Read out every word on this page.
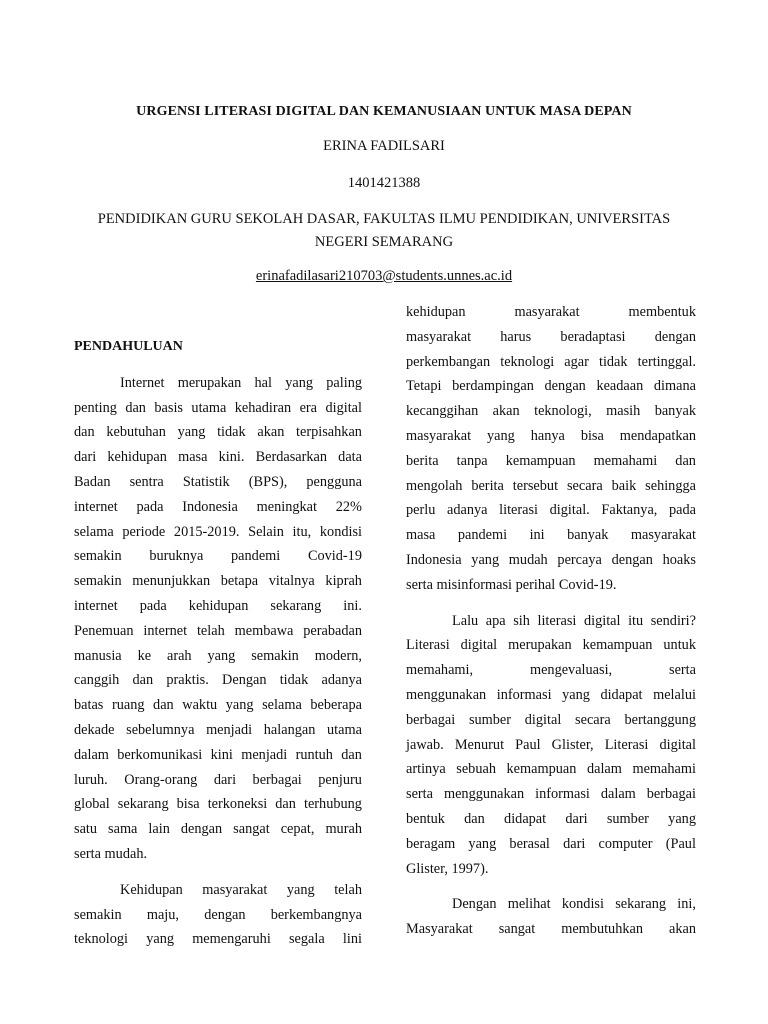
URGENSI LITERASI DIGITAL DAN KEMANUSIAAN UNTUK MASA DEPAN
ERINA FADILSARI
1401421388
PENDIDIKAN GURU SEKOLAH DASAR, FAKULTAS ILMU PENDIDIKAN, UNIVERSITAS
NEGERI SEMARANG
erinafadilasari210703@students.unnes.ac.id
PENDAHULUAN
Internet merupakan hal yang paling
penting dan basis utama kehadiran era digital
dan kebutuhan yang tidak akan terpisahkan
dari kehidupan masa kini. Berdasarkan data
Badan sentra Statistik (BPS), pengguna
internet pada Indonesia meningkat 22%
selama periode 2015-2019. Selain itu, kondisi
semakin buruknya pandemi Covid-19
semakin menunjukkan betapa vitalnya kiprah
internet pada kehidupan sekarang ini.
Penemuan internet telah membawa perabadan
manusia ke arah yang semakin modern,
canggih dan praktis. Dengan tidak adanya
batas ruang dan waktu yang selama beberapa
dekade sebelumnya menjadi halangan utama
dalam berkomunikasi kini menjadi runtuh dan
luruh. Orang-orang dari berbagai penjuru
global sekarang bisa terkoneksi dan terhubung
satu sama lain dengan sangat cepat, murah
serta mudah.
Kehidupan masyarakat yang telah
semakin maju, dengan berkembangnya
teknologi yang memengaruhi segala lini
kehidupan	masyarakat	membentuk
masyarakat harus beradaptasi dengan
perkembangan teknologi agar tidak tertinggal.
Tetapi berdampingan dengan keadaan dimana
kecanggihan akan teknologi, masih banyak
masyarakat yang hanya bisa mendapatkan
berita tanpa kemampuan memahami dan
mengolah berita tersebut secara baik sehingga
perlu adanya literasi digital. Faktanya, pada
masa pandemi ini banyak masyarakat
Indonesia yang mudah percaya dengan hoaks
serta misinformasi perihal Covid-19.
Lalu apa sih literasi digital itu sendiri?
Literasi digital merupakan kemampuan untuk
memahami,	mengevaluasi,	serta
menggunakan informasi yang didapat melalui
berbagai sumber digital secara bertanggung
jawab. Menurut Paul Glister, Literasi digital
artinya sebuah kemampuan dalam memahami
serta menggunakan informasi dalam berbagai
bentuk dan didapat dari sumber yang
beragam yang berasal dari computer (Paul
Glister, 1997).
Dengan melihat kondisi sekarang ini,
Masyarakat sangat membutuhkan akan
